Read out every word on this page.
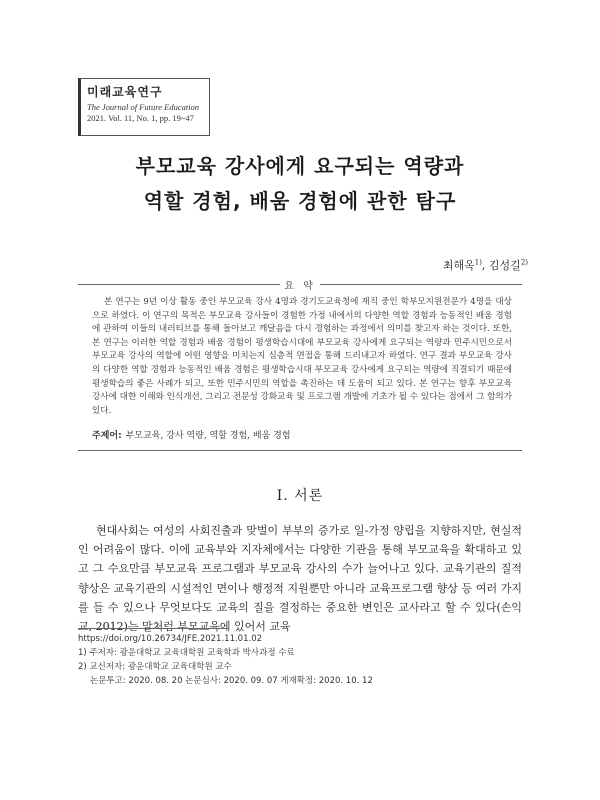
미래교육연구
The Journal of Future Education
2021. Vol. 11, No. 1, pp. 19~47
부모교육 강사에게 요구되는 역량과
역할 경험, 배움 경험에 관한 탐구
최해옥$^{1)}$, 김성길$^{2)}$
요 약
본 연구는 9년 이상 활동 중인 부모교육 강사 4명과 경기도교육청에 재직 중인 학부모지원전문가 4명을 대상으로 하였다. 이 연구의 목적은 부모교육 강사들이 경험한 가정 내에서의 다양한 역할 경험과 능동적인 배움 경험에 관하여 이들의 내러티브를 통해 돌아보고 깨달음을 다시 경험하는 과정에서 의미를 찾고자 하는 것이다. 또한, 본 연구는 이러한 역할 경험과 배움 경험이 평생학습시대에 부모교육 강사에게 요구되는 역량과 민주시민으로서 부모교육 강사의 역할에 어떤 영향을 미치는지 심층적 면접을 통해 드러내고자 하였다. 연구 결과 부모교육 강사의 다양한 역할 경험과 능동적인 배움 경험은 평생학습시대 부모교육 강사에게 요구되는 역량에 직결되기 때문에 평생학습의 좋은 사례가 되고, 또한 민주시민의 역할을 촉진하는 데 도움이 되고 있다. 본 연구는 향후 부모교육 강사에 대한 이해와 인식개선, 그리고 전문성 강화교육 및 프로그램 개발에 기초가 될 수 있다는 점에서 그 함의가 있다.
주제어: 부모교육, 강사 역량, 역할 경험, 배움 경험
Ⅰ. 서론
현대사회는 여성의 사회진출과 맞벌이 부부의 증가로 일-가정 양립을 지향하지만, 현실적인 어려움이 많다. 이에 교육부와 지자체에서는 다양한 기관을 통해 부모교육을 확대하고 있고 그 수요만큼 부모교육 프로그램과 부모교육 강사의 수가 늘어나고 있다. 교육기관의 질적 향상은 교육기관의 시설적인 면이나 행정적 지원뿐만 아니라 교육프로그램 향상 등 여러 가지를 들 수 있으나 무엇보다도 교육의 질을 결정하는 중요한 변인은 교사라고 할 수 있다(손익교, 2012)는 말처럼 부모교육에 있어서 교육
https://doi.org/10.26734/JFE.2021.11.01.02
1) 주저자: 광운대학교 교육대학원 교육학과 박사과정 수료
2) 교신저자: 광운대학교 교육대학원 교수
논문투고: 2020. 08. 20 논문심사: 2020. 09. 07 게재확정: 2020. 10. 12
